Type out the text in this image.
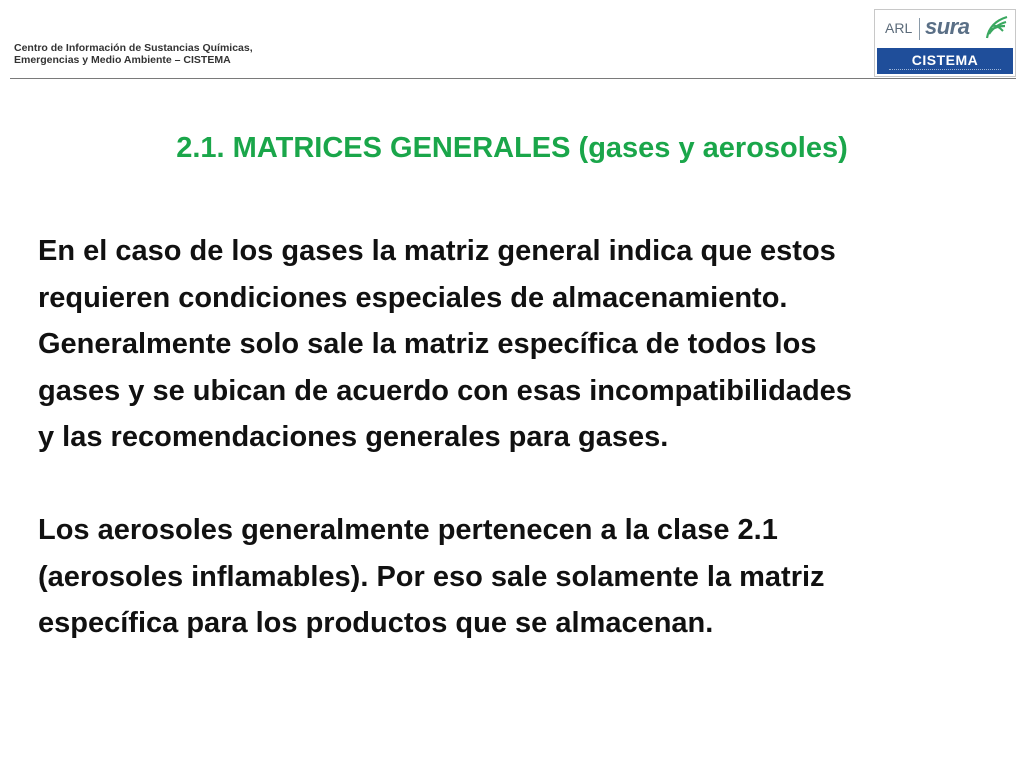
Centro de Información de Sustancias Químicas,
Emergencias y Medio Ambiente – CISTEMA
ARL sura
CISTEMA
2.1. MATRICES GENERALES (gases y aerosoles)
En el caso de los gases la matriz general indica que estos
requieren condiciones especiales de almacenamiento.
Generalmente solo sale la matriz específica de todos los
gases y se ubican de acuerdo con esas incompatibilidades
y las recomendaciones generales para gases.
Los aerosoles generalmente pertenecen a la clase 2.1
(aerosoles inflamables). Por eso sale solamente la matriz
específica para los productos que se almacenan.
